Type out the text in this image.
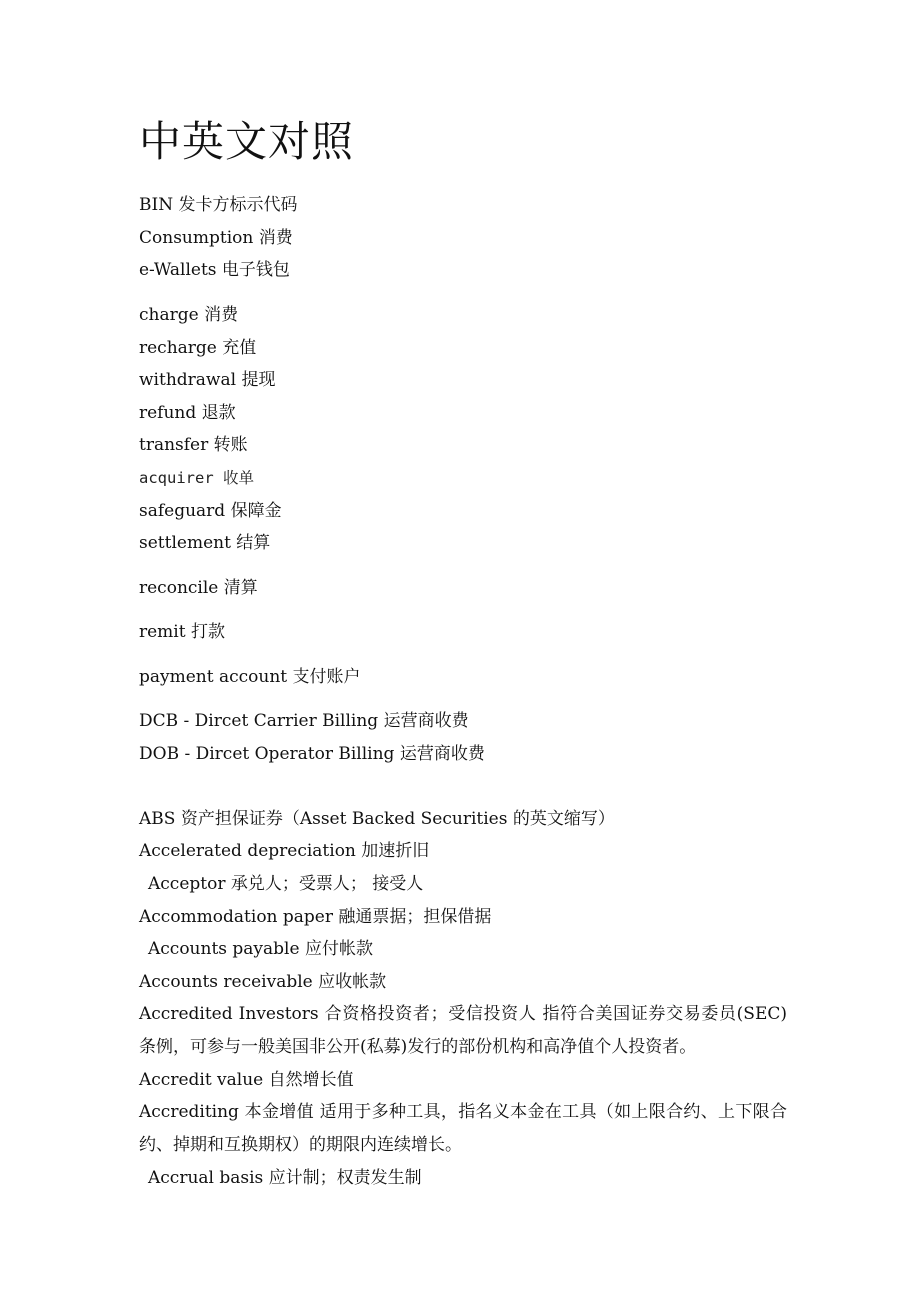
中英文对照
BIN 发卡方标示代码
Consumption 消费
e-Wallets 电子钱包
charge 消费
recharge 充值
withdrawal 提现
refund 退款
transfer 转账
acquirer 收单
safeguard 保障金
settlement 结算
reconcile 清算
remit 打款
payment account 支付账户
DCB - Dircet Carrier Billing 运营商收费
DOB - Dircet Operator Billing 运营商收费
ABS 资产担保证券（Asset Backed Securities 的英文缩写）
Accelerated depreciation 加速折旧
Acceptor 承兑人；受票人； 接受人
Accommodation paper 融通票据；担保借据
Accounts payable 应付帐款
Accounts receivable 应收帐款
Accredited Investors 合资格投资者；受信投资人 指符合美国证券交易委员(SEC)条例，可参与一般美国非公开(私募)发行的部份机构和高净值个人投资者。
Accredit value 自然增长值
Accrediting 本金增值 适用于多种工具，指名义本金在工具（如上限合约、上下限合约、掉期和互换期权）的期限内连续增长。
Accrual basis 应计制；权责发生制
